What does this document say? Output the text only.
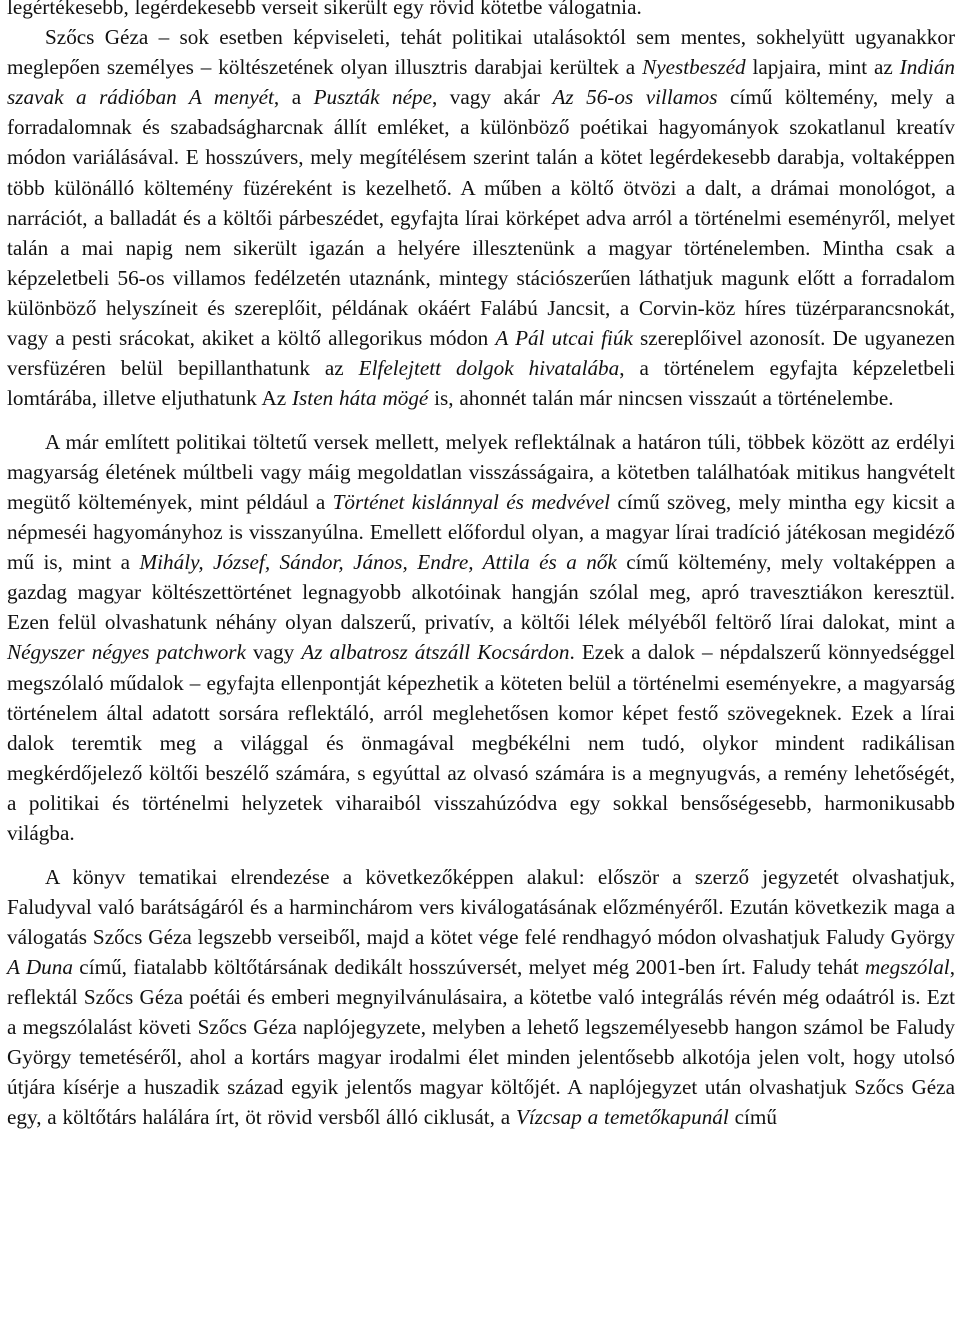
legértékesebb, legérdekesebb verseit sikerült egy rövid kötetbe válogatnia.

Szőcs Géza – sok esetben képviseleti, tehát politikai utalásoktól sem mentes, sokhelyütt ugyanakkor meglepően személyes – költészetének olyan illusztris darabjai kerültek a Nyestbeszéd lapjaira, mint az Indián szavak a rádióban A menyét, a Puszták népe, vagy akár Az 56-os villamos című költemény, mely a forradalomnak és szabadságharcnak állít emléket, a különböző poétikai hagyományok szokatlanul kreatív módon variálásával. E hosszúvers, mely megítélésem szerint talán a kötet legérdekesebb darabja, voltaképpen több különálló költemény füzéreként is kezelhető. A műben a költő ötvözi a dalt, a drámai monológot, a narrációt, a balladát és a költői párbeszédet, egyfajta lírai körképet adva arról a történelmi eseményről, melyet talán a mai napig nem sikerült igazán a helyére illesztenünk a magyar történelemben. Mintha csak a képzeletbeli 56-os villamos fedélzetén utaznánk, mintegy stációszerűen láthatjuk magunk előtt a forradalom különböző helyszíneit és szereplőit, példának okáért Falábú Jancsit, a Corvin-köz híres tüzérparancsnokát, vagy a pesti srácokat, akiket a költő allegorikus módon A Pál utcai fiúk szereplőivel azonosít. De ugyanezen versfüzéren belül bepillanthatunk az Elfelejtett dolgok hivatalába, a történelem egyfajta képzeletbeli lomtárába, illetve eljuthatunk Az Isten háta mögé is, ahonnét talán már nincsen visszaút a történelembe.

A már említett politikai töltetű versek mellett, melyek reflektálnak a határon túli, többek között az erdélyi magyarság életének múltbeli vagy máig megoldatlan visszásságaira, a kötetben találhatóak mitikus hangvételt megütő költemények, mint például a Történet kislánnyal és medvével című szöveg, mely mintha egy kicsit a népmeséi hagyományhoz is visszanyúlna. Emellett előfordul olyan, a magyar lírai tradíció játékosan megidéző mű is, mint a Mihály, József, Sándor, János, Endre, Attila és a nők című költemény, mely voltaképpen a gazdag magyar költészettörténet legnagyobb alkotóinak hangján szólal meg, apró travesztiákon keresztül. Ezen felül olvashatunk néhány olyan dalszerű, privatív, a költői lélek mélyéből feltörő lírai dalokat, mint a Négyszer négyes patchwork vagy Az albatrosz átszáll Kocsárdon. Ezek a dalok – népdalszerű könnyedséggel megszólaló műdalok – egyfajta ellenpontját képezhetik a köteten belül a történelmi eseményekre, a magyarság történelem által adatott sorsára reflektáló, arról meglehetősen komor képet festő szövegeknek. Ezek a lírai dalok teremtik meg a világgal és önmagával megbékélni nem tudó, olykor mindent radikálisan megkérdőjelező költői beszélő számára, s egyúttal az olvasó számára is a megnyugvás, a remény lehetőségét, a politikai és történelmi helyzetek viharaiból visszahúzódva egy sokkal bensőségesebb, harmonikusabb világba.

A könyv tematikai elrendezése a következőképpen alakul: először a szerző jegyzetét olvashatjuk, Faludyval való barátságáról és a harminchárom vers kiválogatásának előzményéről. Ezután következik maga a válogatás Szőcs Géza legszebb verseiből, majd a kötet vége felé rendhagyó módon olvashatjuk Faludy György A Duna című, fiatalabb költőtársának dedikált hosszúversét, melyet még 2001-ben írt. Faludy tehát megszólal, reflektál Szőcs Géza poétái és emberi megnyilvánulásaira, a kötetbe való integrálás révén még odaátról is. Ezt a megszólalást követi Szőcs Géza naplójegyzete, melyben a lehető legszemélyesebb hangon számol be Faludy György temetéséről, ahol a kortárs magyar irodalmi élet minden jelentősebb alkotója jelen volt, hogy utolsó útjára kísérje a huszadik század egyik jelentős magyar költőjét. A naplójegyzet után olvashatjuk Szőcs Géza egy, a költőtárs halálára írt, öt rövid versből álló ciklusát, a Vízcsap a temetőkapunál című
